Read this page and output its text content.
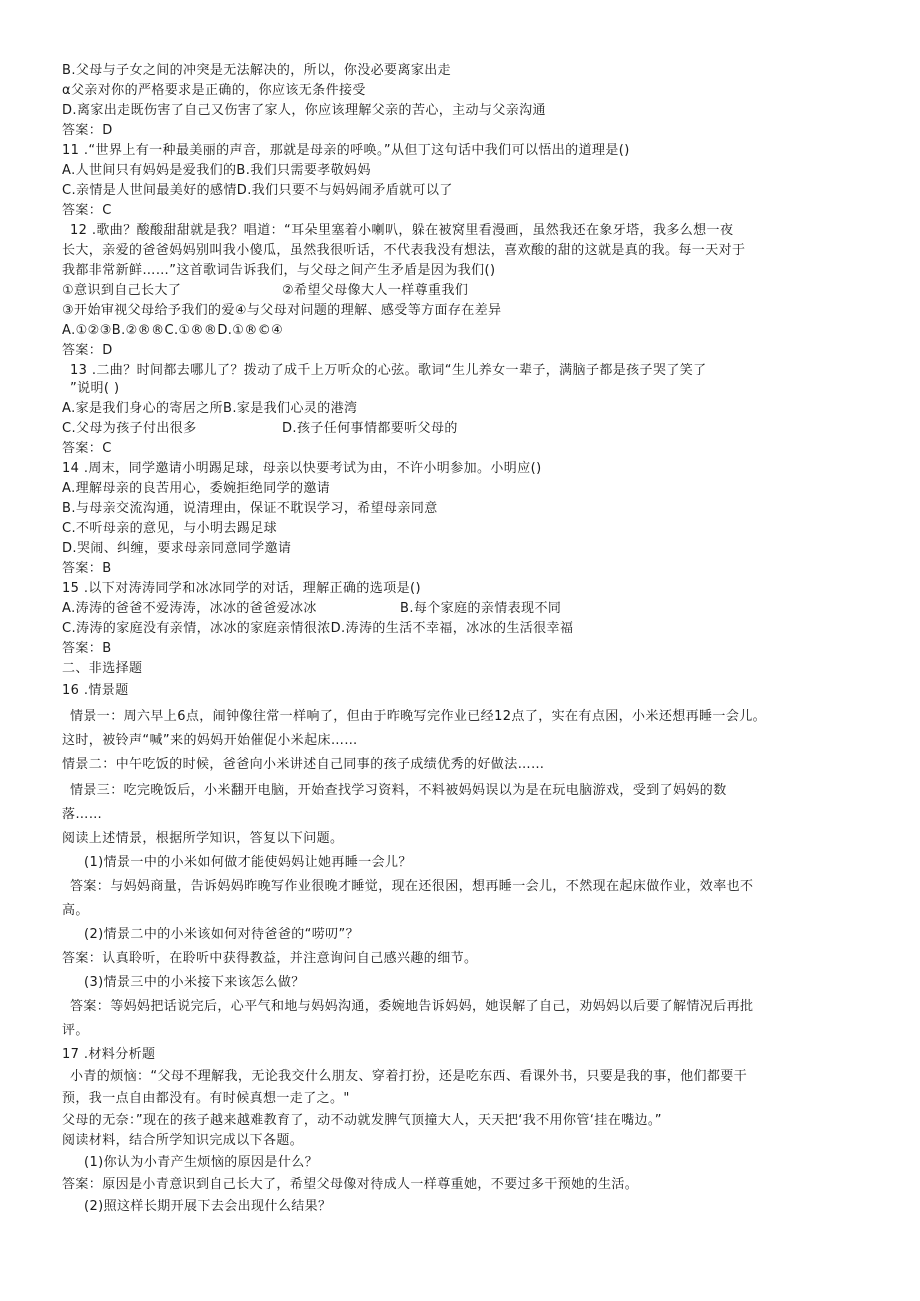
B.父母与子女之间的冲突是无法解决的，所以，你没必要离家出走
α父亲对你的严格要求是正确的，你应该无条件接受
D.离家出走既伤害了自己又伤害了家人，你应该理解父亲的苦心，主动与父亲沟通
答案：D
11 .“世界上有一种最美丽的声音，那就是母亲的呼唤。”从但丁这句话中我们可以悟出的道理是()
A.人世间只有妈妈是爱我们的B.我们只需要孝敬妈妈
C.亲情是人世间最美好的感情D.我们只要不与妈妈闹矛盾就可以了
答案：C
12 .歌曲？酸酸甜甜就是我？唱道：“耳朵里塞着小喇叭，躲在被窝里看漫画，虽然我还在象牙塔，我多么想一夜
长大，亲爱的爸爸妈妈别叫我小傻瓜，虽然我很听话，不代表我没有想法，喜欢酸的甜的这就是真的我。每一天对于
我都非常新鲜……”这首歌词告诉我们，与父母之间产生矛盾是因为我们()
①意识到自己长大了	②希望父母像大人一样尊重我们
③开始审视父母给予我们的爱④与父母对问题的理解、感受等方面存在差异
A.①②③B.②®®C.①®®D.①®©④
答案：D
13 .二曲？时间都去哪儿了？拨动了成千上万听众的心弦。歌词“生儿养女一辈子，满脑子都是孩子哭了笑了
”说明( )
A.家是我们身心的寄居之所B.家是我们心灵的港湾
C.父母为孩子付出很多	D.孩子任何事情都要听父母的
答案：C
14 .周末，同学邀请小明踢足球，母亲以快要考试为由，不许小明参加。小明应()
A.理解母亲的良苦用心，委婉拒绝同学的邀请
B.与母亲交流沟通，说清理由，保证不耽误学习，希望母亲同意
C.不听母亲的意见，与小明去踢足球
D.哭闹、纠缠，要求母亲同意同学邀请
答案：B
15 .以下对涛涛同学和冰冰同学的对话，理解正确的选项是()
A.涛涛的爸爸不爱涛涛，冰冰的爸爸爱冰冰	B.每个家庭的亲情表现不同
C.涛涛的家庭没有亲情，冰冰的家庭亲情很浓D.涛涛的生活不幸福，冰冰的生活很幸福
答案：B
二、非选择题
16 .情景题
情景一：周六早上6点，闹钟像往常一样响了，但由于昨晚写完作业已经12点了，实在有点困，小米还想再睡一会儿。
这时，被铃声“喊”来的妈妈开始催促小米起床……
情景二：中午吃饭的时候，爸爸向小米讲述自己同事的孩子成绩优秀的好做法……
情景三：吃完晚饭后，小米翻开电脑，开始查找学习资料，不料被妈妈误以为是在玩电脑游戏，受到了妈妈的数
落……
阅读上述情景，根据所学知识，答复以下问题。
(1)情景一中的小米如何做才能使妈妈让她再睡一会儿？
答案：与妈妈商量，告诉妈妈昨晚写作业很晚才睡觉，现在还很困，想再睡一会儿，不然现在起床做作业，效率也不
高。
(2)情景二中的小米该如何对待爸爸的“唠叨”？
答案：认真聆听，在聆听中获得教益，并注意询问自己感兴趣的细节。
(3)情景三中的小米接下来该怎么做？
答案：等妈妈把话说完后，心平气和地与妈妈沟通，委婉地告诉妈妈，她误解了自己，劝妈妈以后要了解情况后再批
评。
17 .材料分析题
小青的烦恼：“父母不理解我，无论我交什么朋友、穿着打扮，还是吃东西、看课外书，只要是我的事，他们都要干
预，我一点自由都没有。有时候真想一走了之。"
父母的无奈：”现在的孩子越来越难教育了，动不动就发脾气顶撞大人，天天把‘我不用你管‘挂在嘴边。”
阅读材料，结合所学知识完成以下各题。
(1)你认为小青产生烦恼的原因是什么？
答案：原因是小青意识到自己长大了，希望父母像对待成人一样尊重她，不要过多干预她的生活。
(2)照这样长期开展下去会出现什么结果？
